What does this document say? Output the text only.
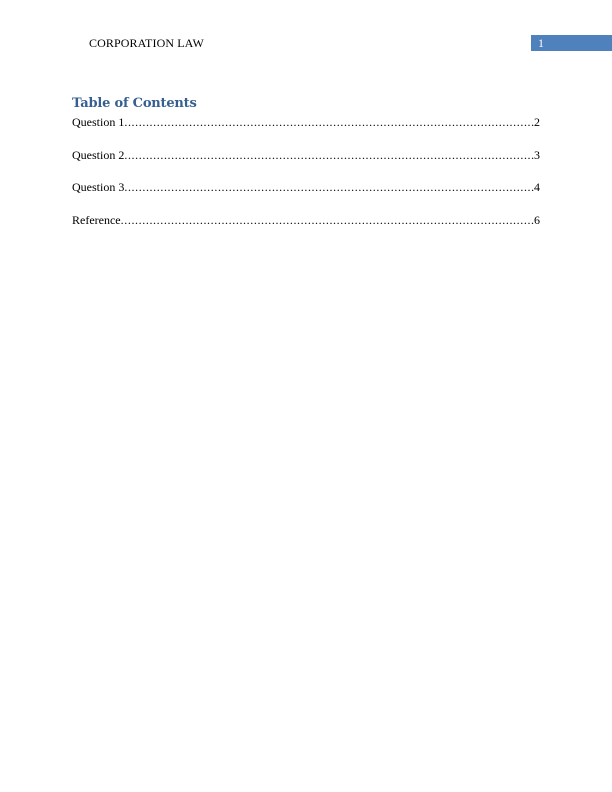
CORPORATION LAW	1
Table of Contents
Question 1 .....	2
Question 2 .....	3
Question 3 .....	4
Reference .....	6
